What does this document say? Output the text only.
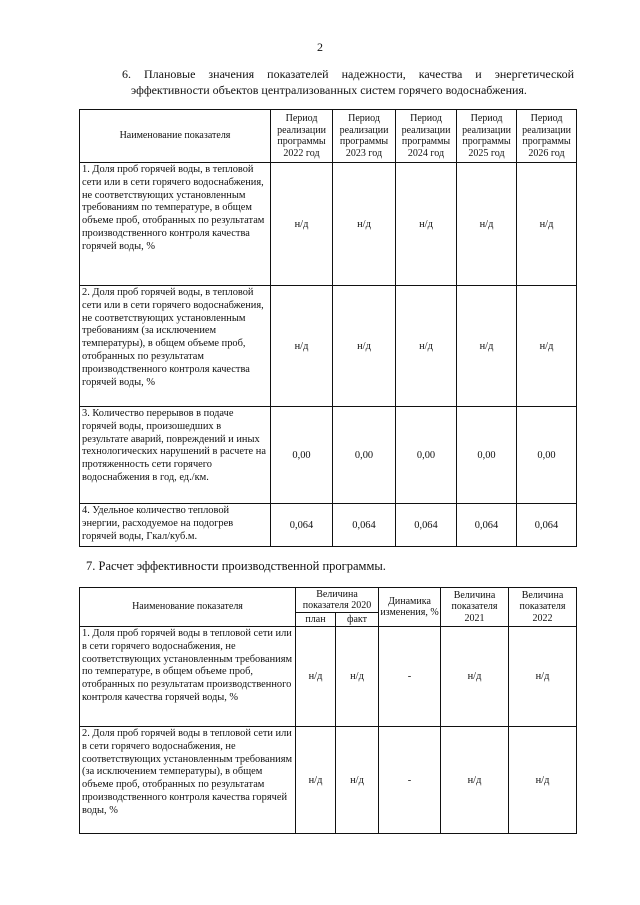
2
6. Плановые значения показателей надежности, качества и энергетической эффективности объектов централизованных систем горячего водоснабжения.
Наименование показателя	Период реализации программы 2022 год	Период реализации программы 2023 год	Период реализации программы 2024 год	Период реализации программы 2025 год	Период реализации программы 2026 год
1. Доля проб горячей воды, в тепловой сети или в сети горячего водоснабжения, не соответствующих установленным требованиям по температуре, в общем объеме проб, отобранных по результатам производственного контроля качества горячей воды, %	н/д	н/д	н/д	н/д	н/д
2. Доля проб горячей воды, в тепловой сети или в сети горячего водоснабжения, не соответствующих установленным требованиям (за исключением температуры), в общем объеме проб, отобранных по результатам производственного контроля качества горячей воды, %	н/д	н/д	н/д	н/д	н/д
3. Количество перерывов в подаче горячей воды, произошедших в результате аварий, повреждений и иных технологических нарушений в расчете на протяженность сети горячего водоснабжения в год, ед./км.	0,00	0,00	0,00	0,00	0,00
4. Удельное количество тепловой энергии, расходуемое на подогрев горячей воды, Гкал/куб.м.	0,064	0,064	0,064	0,064	0,064
7. Расчет эффективности производственной программы.
Наименование показателя	Величина показателя 2020		Динамика изменения, %	Величина показателя 2021	Величина показателя 2022
	план	факт			
1. Доля проб горячей воды в тепловой сети или в сети горячего водоснабжения, не соответствующих установленным требованиям по температуре, в общем объеме проб, отобранных по результатам производственного контроля качества горячей воды, %	н/д	н/д	-	н/д	н/д
2. Доля проб горячей воды в тепловой сети или в сети горячего водоснабжения, не соответствующих установленным требованиям (за исключением температуры), в общем объеме проб, отобранных по результатам производственного контроля качества горячей воды, %	н/д	н/д	-	н/д	н/д
